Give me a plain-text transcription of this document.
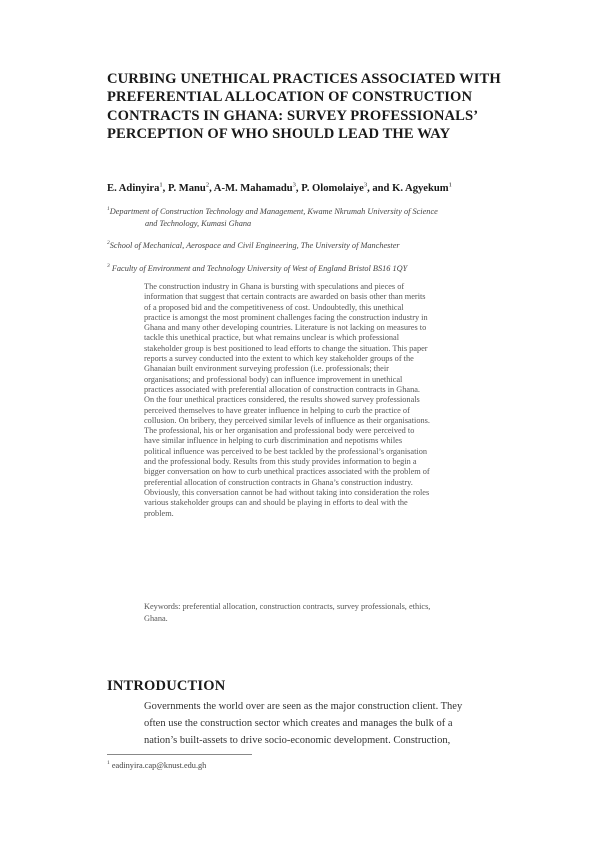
CURBING UNETHICAL PRACTICES ASSOCIATED WITH PREFERENTIAL ALLOCATION OF CONSTRUCTION CONTRACTS IN GHANA: SURVEY PROFESSIONALS’ PERCEPTION OF WHO SHOULD LEAD THE WAY
E. Adinyira$^1$, P. Manu$^2$, A-M. Mahamadu$^3$, P. Olomolaiye$^3$, and K. Agyekum$^1$
$^1$Department of Construction Technology and Management, Kwame Nkrumah University of Science
and Technology, Kumasi Ghana
$^2$School of Mechanical, Aerospace and Civil Engineering, The University of Manchester
$^3$ Faculty of Environment and Technology University of West of England Bristol BS16 1QY
The construction industry in Ghana is bursting with speculations and pieces of
information that suggest that certain contracts are awarded on basis other than merits
of a proposed bid and the competitiveness of cost. Undoubtedly, this unethical
practice is amongst the most prominent challenges facing the construction industry in
Ghana and many other developing countries. Literature is not lacking on measures to
tackle this unethical practice, but what remains unclear is which professional
stakeholder group is best positioned to lead efforts to change the situation. This paper
reports a survey conducted into the extent to which key stakeholder groups of the
Ghanaian built environment surveying profession (i.e. professionals; their
organisations; and professional body) can influence improvement in unethical
practices associated with preferential allocation of construction contracts in Ghana.
On the four unethical practices considered, the results showed survey professionals
perceived themselves to have greater influence in helping to curb the practice of
collusion. On bribery, they perceived similar levels of influence as their organisations.
The professional, his or her organisation and professional body were perceived to
have similar influence in helping to curb discrimination and nepotisms whiles
political influence was perceived to be best tackled by the professional’s organisation
and the professional body. Results from this study provides information to begin a
bigger conversation on how to curb unethical practices associated with the problem of
preferential allocation of construction contracts in Ghana’s construction industry.
Obviously, this conversation cannot be had without taking into consideration the roles
various stakeholder groups can and should be playing in efforts to deal with the
problem.
Keywords: preferential allocation, construction contracts, survey professionals, ethics,
Ghana.
INTRODUCTION
Governments the world over are seen as the major construction client. They
often use the construction sector which creates and manages the bulk of a
nation’s built-assets to drive socio-economic development. Construction,
$^1$ eadinyira.cap@knust.edu.gh
